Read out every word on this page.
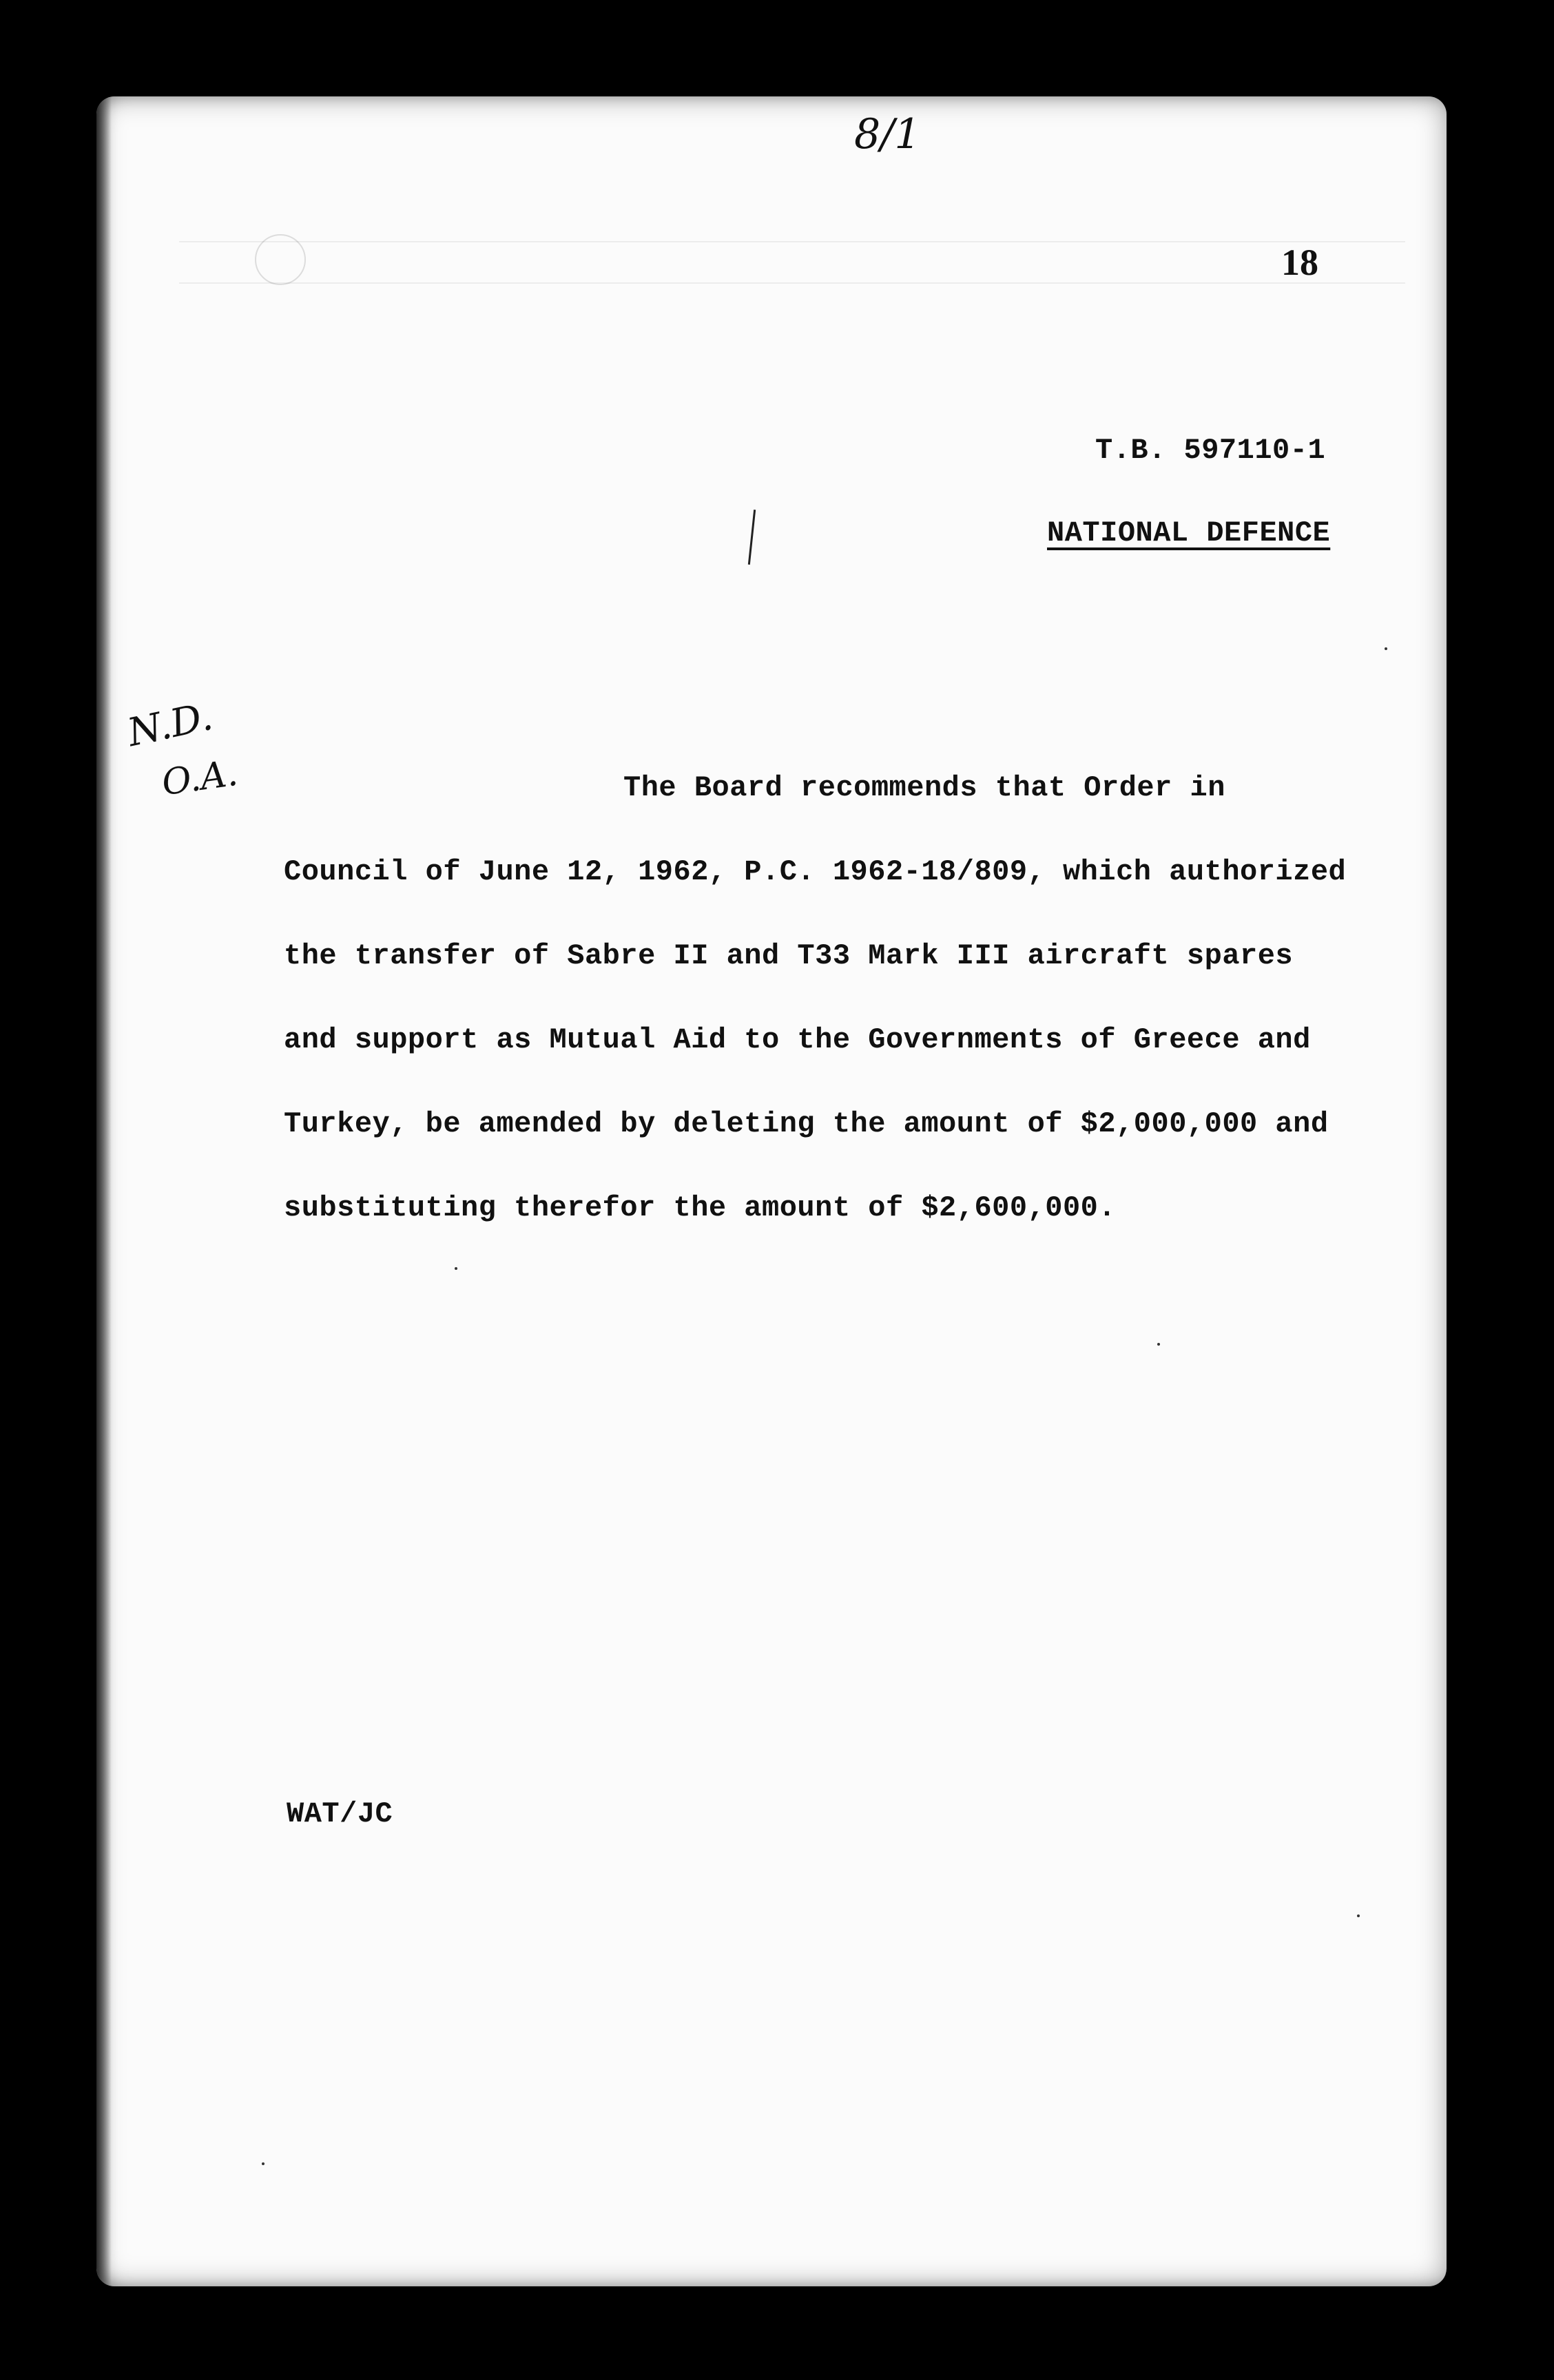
8/1
18
T.B. 597110-1
NATIONAL DEFENCE
N.D.
O.A.	The Board recommends that Order in
Council of June 12, 1962, P.C. 1962-18/809, which authorized
the transfer of Sabre II and T33 Mark III aircraft spares
and support as Mutual Aid to the Governments of Greece and
Turkey, be amended by deleting the amount of $2,000,000 and
substituting therefor the amount of $2,600,000.
WAT/JC
